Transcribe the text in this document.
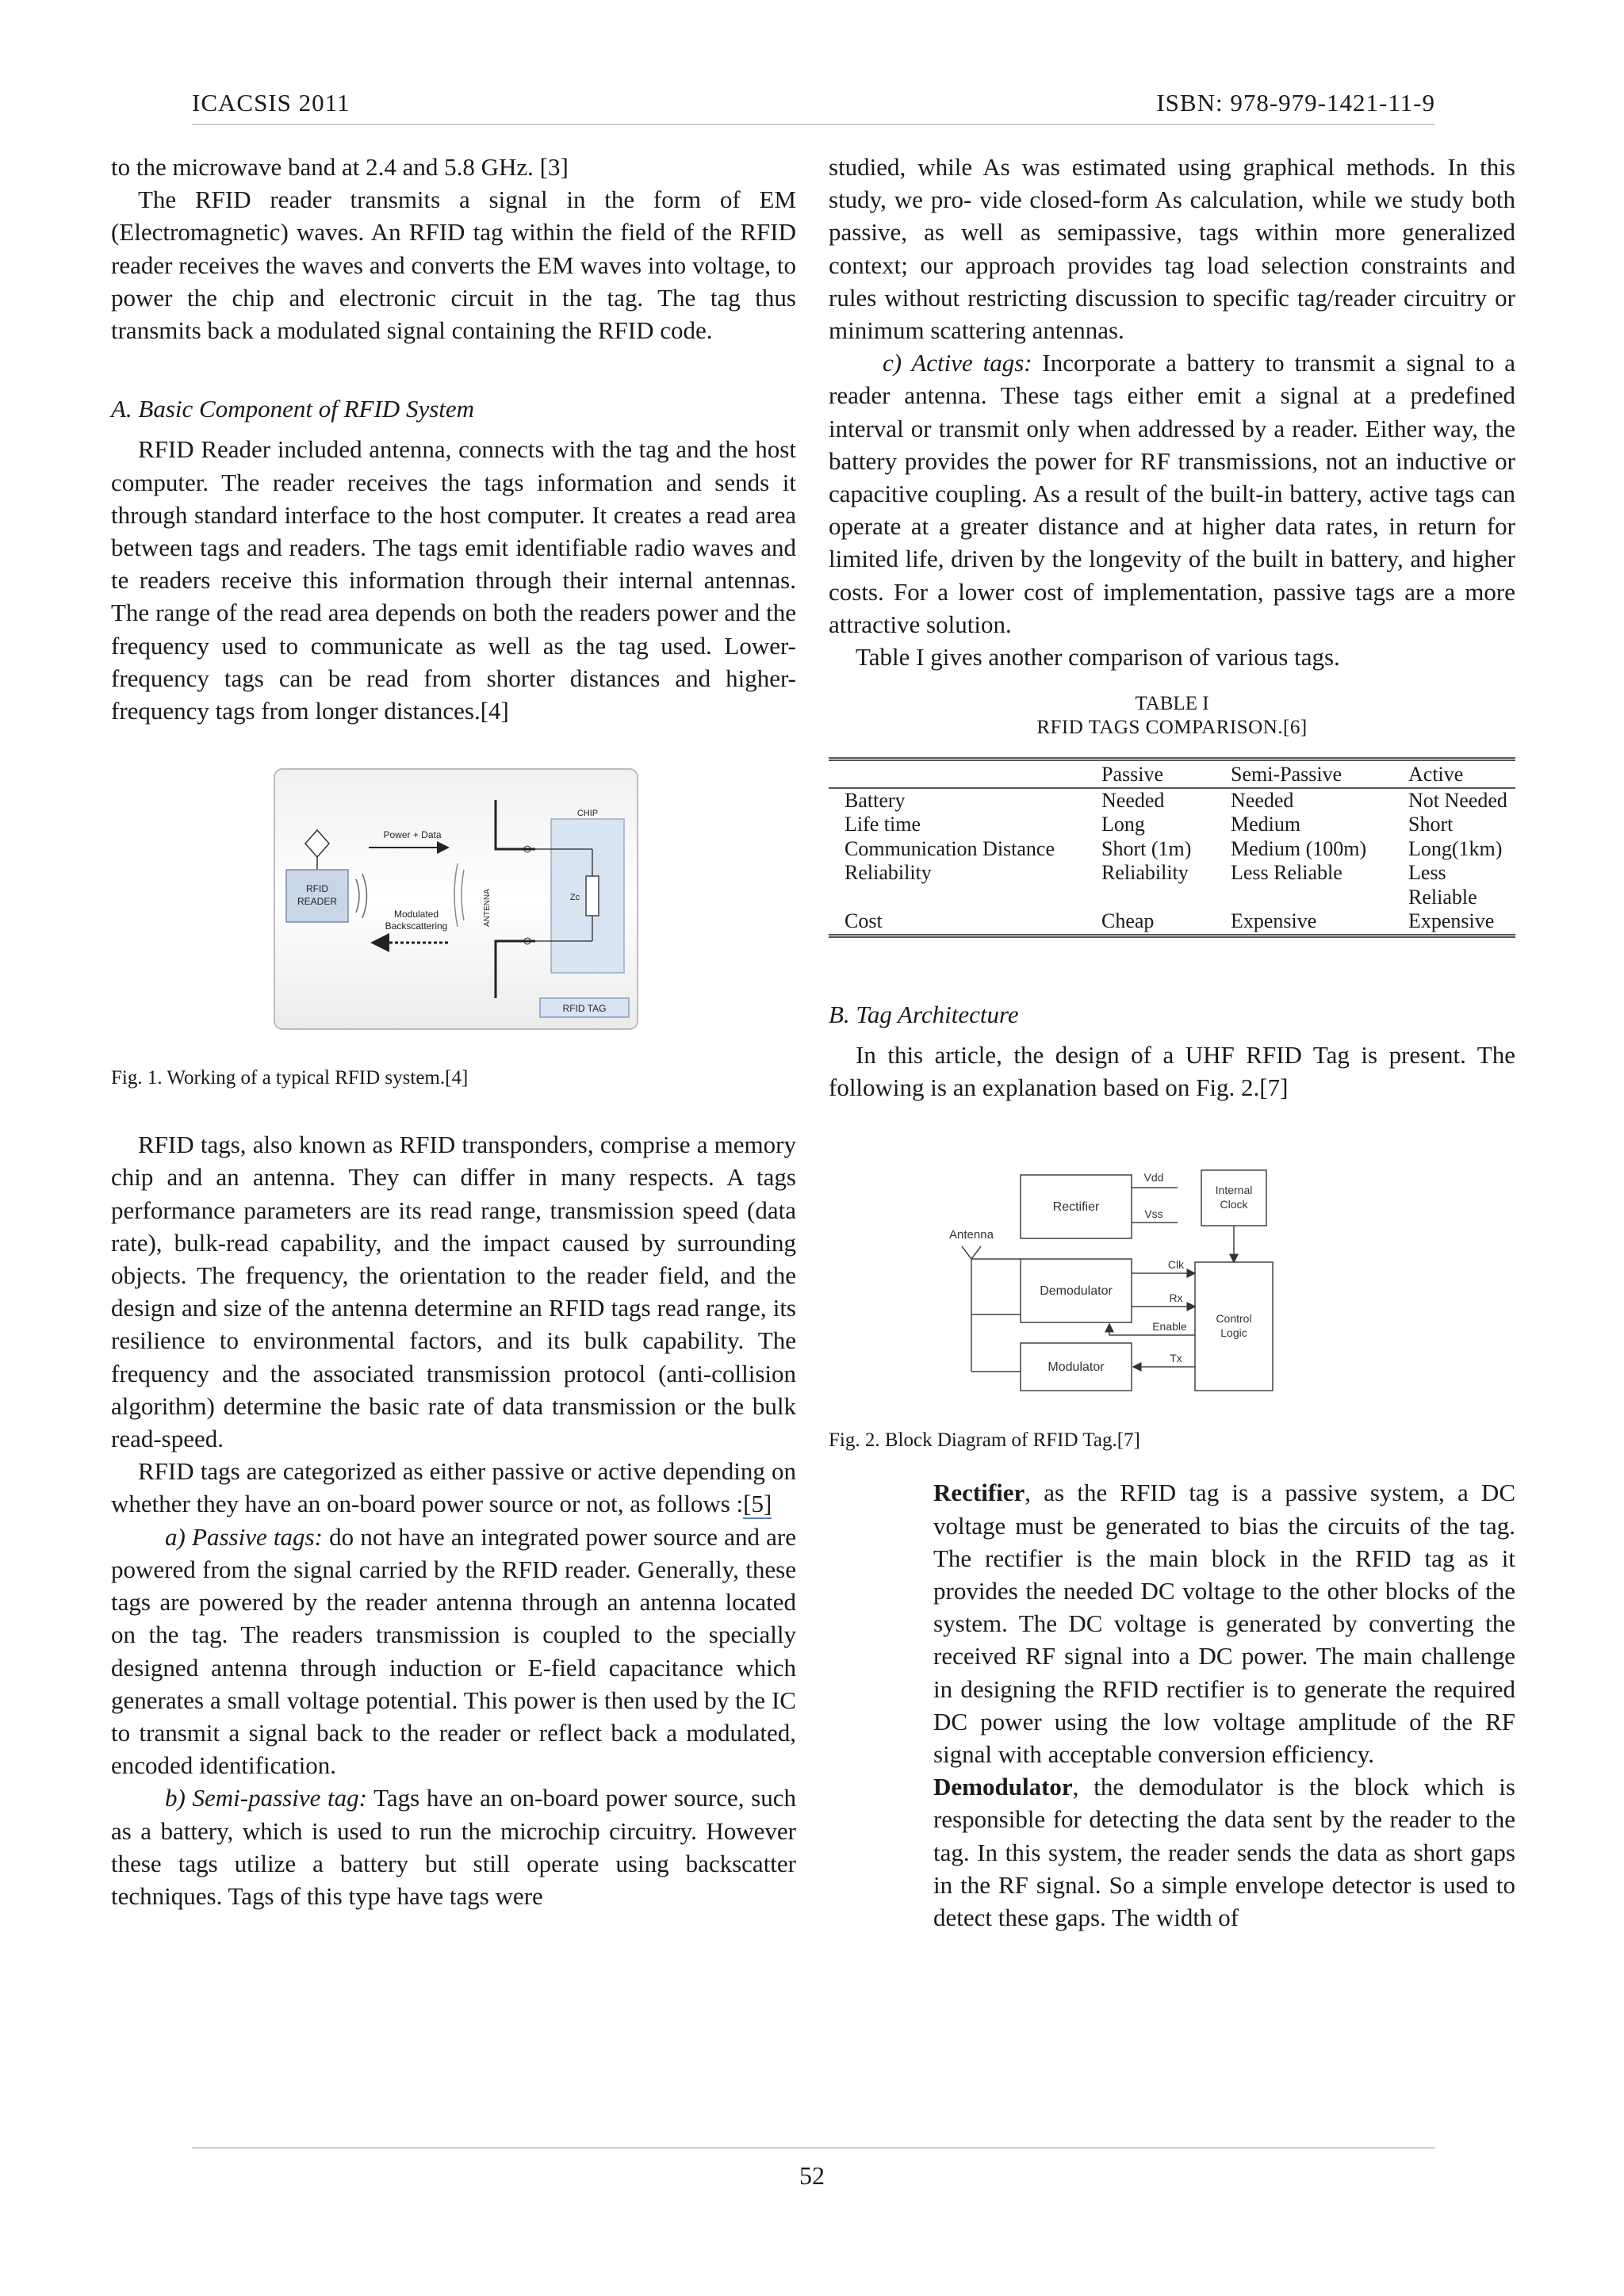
ICACSIS 2011	ISBN: 978-979-1421-11-9

to the microwave band at 2.4 and 5.8 GHz. [3]

The RFID reader transmits a signal in the form of EM (Electromagnetic) waves. An RFID tag within the field of the RFID reader receives the waves and converts the EM waves into voltage, to power the chip and electronic circuit in the tag. The tag thus transmits back a modulated signal containing the RFID code.

A. Basic Component of RFID System

RFID Reader included antenna, connects with the tag and the host computer. The reader receives the tags information and sends it through standard interface to the host computer. It creates a read area between tags and readers. The tags emit identifiable radio waves and te readers receive this information through their internal antennas. The range of the read area depends on both the readers power and the frequency used to communicate as well as the tag used. Lower-frequency tags can be read from shorter distances and higher-frequency tags from longer distances.[4]

RFID
READER
Power + Data
Modulated
Backscattering	ANTENNA
CHIP
Zc
RFID TAG

Fig. 1. Working of a typical RFID system.[4]

RFID tags, also known as RFID transponders, comprise a memory chip and an antenna. They can differ in many respects. A tags performance parameters are its read range, transmission speed (data rate), bulk-read capability, and the impact caused by surrounding objects. The frequency, the orientation to the reader field, and the design and size of the antenna determine an RFID tags read range, its resilience to environmental factors, and its bulk capability. The frequency and the associated transmission protocol (anti-collision algorithm) determine the basic rate of data transmission or the bulk read-speed.

RFID tags are categorized as either passive or active depending on whether they have an on-board power source or not, as follows :[5]

a) Passive tags: do not have an integrated power source and are powered from the signal carried by the RFID reader. Generally, these tags are powered by the reader antenna through an antenna located on the tag. The readers transmission is coupled to the specially designed antenna through induction or E-field capacitance which generates a small voltage potential. This power is then used by the IC to transmit a signal back to the reader or reflect back a modulated, encoded identification.

b) Semi-passive tag: Tags have an on-board power source, such as a battery, which is used to run the microchip circuitry. However these tags utilize a battery but still operate using backscatter techniques. Tags of this type have tags were

studied, while As was estimated using graphical methods. In this study, we pro- vide closed-form As calculation, while we study both passive, as well as semipassive, tags within more generalized context; our approach provides tag load selection constraints and rules without restricting discussion to specific tag/reader circuitry or minimum scattering antennas.

c) Active tags: Incorporate a battery to transmit a signal to a reader antenna. These tags either emit a signal at a predefined interval or transmit only when addressed by a reader. Either way, the battery provides the power for RF transmissions, not an inductive or capacitive coupling. As a result of the built-in battery, active tags can operate at a greater distance and at higher data rates, in return for limited life, driven by the longevity of the built in battery, and higher costs. For a lower cost of implementation, passive tags are a more attractive solution.

Table I gives another comparison of various tags.

TABLE I

RFID TAGS COMPARISON.[6]

	Passive	Semi-Passive	Active
Battery	Needed	Needed	Not Needed
Life time	Long	Medium	Short
Communication Distance	Short (1m)	Medium (100m)	Long(1km)
Reliability	Reliability	Less Reliable	Less Reliable
Cost	Cheap	Expensive	Expensive

B. Tag Architecture

In this article, the design of a UHF RFID Tag is present. The following is an explanation based on Fig. 2.[7]

Antenna
Rectifier
Vdd
Vss
Demodulator
Modulator
Internal
Clock
Control
Logic
Clk
Rx
Enable
Tx

Fig. 2. Block Diagram of RFID Tag.[7]

Rectifier, as the RFID tag is a passive system, a DC voltage must be generated to bias the circuits of the tag. The rectifier is the main block in the RFID tag as it provides the needed DC voltage to the other blocks of the system. The DC voltage is generated by converting the received RF signal into a DC power. The main challenge in designing the RFID rectifier is to generate the required DC power using the low voltage amplitude of the RF signal with acceptable conversion efficiency.

Demodulator, the demodulator is the block which is responsible for detecting the data sent by the reader to the tag. In this system, the reader sends the data as short gaps in the RF signal. So a simple envelope detector is used to detect these gaps. The width of

52
